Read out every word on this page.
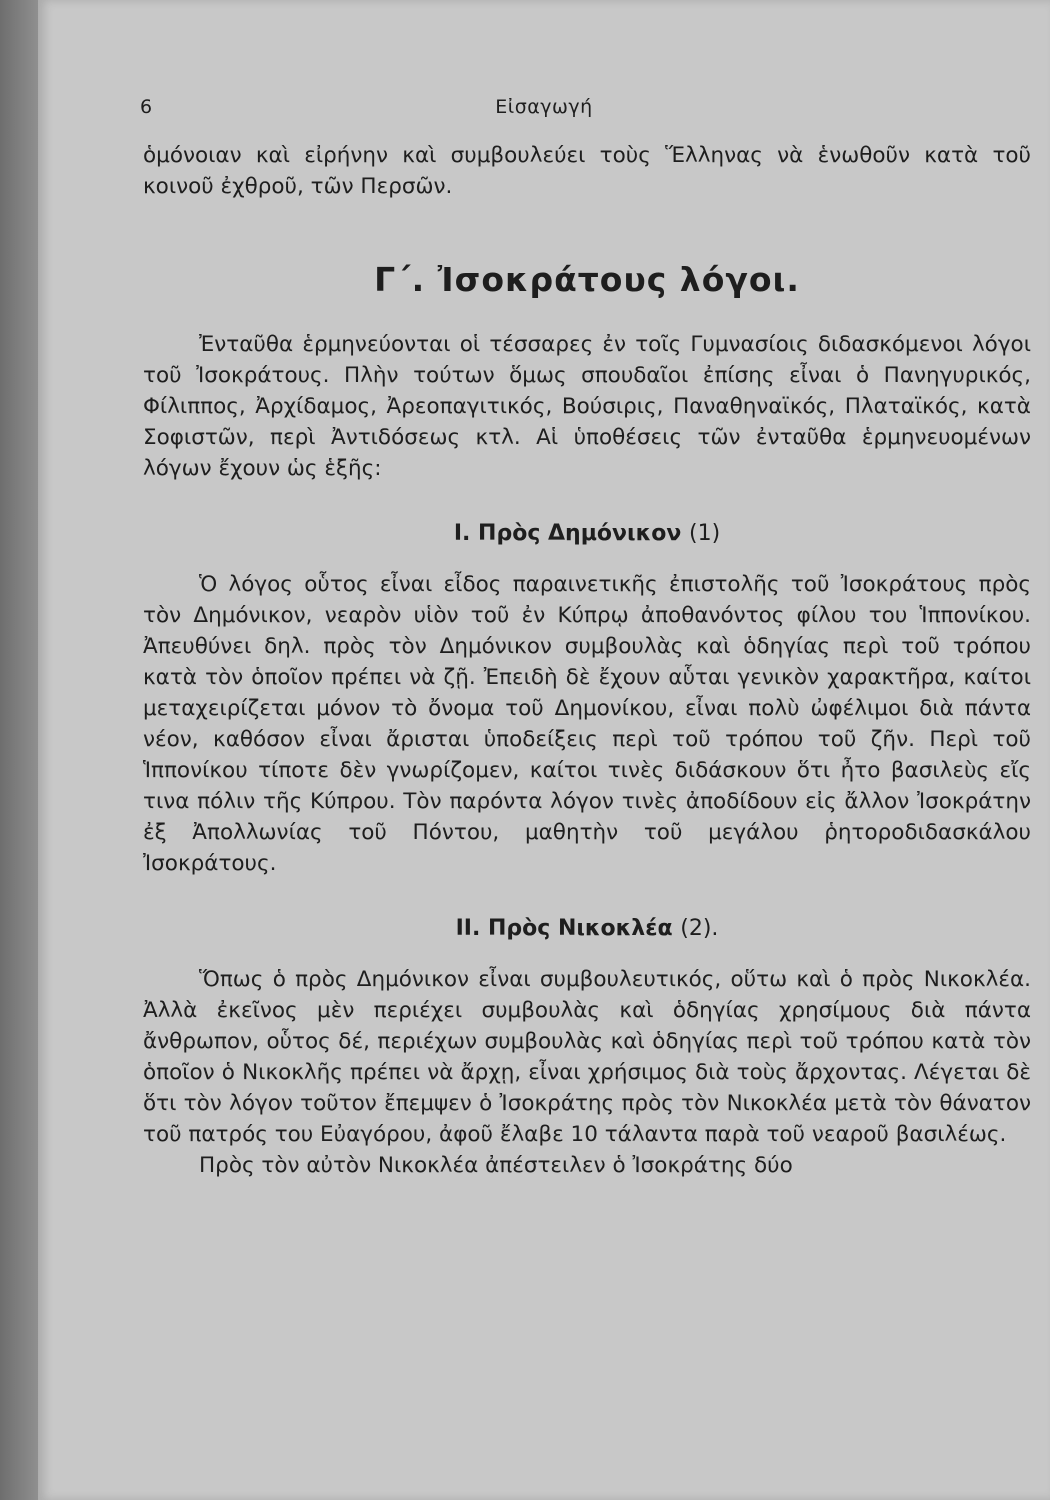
6	Εἰσαγωγή

ὁμόνοιαν καὶ εἰρήνην καὶ συμβουλεύει τοὺς Ἕλληνας νὰ ἑνωθοῦν κατὰ τοῦ κοινοῦ ἐχθροῦ, τῶν Περσῶν.

Γ΄. Ἰσοκράτους λόγοι.

Ἐνταῦθα ἑρμηνεύονται οἱ τέσσαρες ἐν τοῖς Γυμνασίοις διδασκόμενοι λόγοι τοῦ Ἰσοκράτους. Πλὴν τούτων ὅμως σπουδαῖοι ἐπίσης εἶναι ὁ Πανηγυρικός, Φίλιππος, Ἀρχίδαμος, Ἀρεοπαγιτικός, Βούσιρις, Παναθηναϊκός, Πλαταϊκός, κατὰ Σοφιστῶν, περὶ Ἀντιδόσεως κτλ. Αἱ ὑποθέσεις τῶν ἐνταῦθα ἑρμηνευομένων λόγων ἔχουν ὡς ἑξῆς:

Ι. Πρὸς Δημόνικον (1)

Ὁ λόγος οὗτος εἶναι εἶδος παραινετικῆς ἐπιστολῆς τοῦ Ἰσοκράτους πρὸς τὸν Δημόνικον, νεαρὸν υἱὸν τοῦ ἐν Κύπρῳ ἀποθανόντος φίλου του Ἱππονίκου. Ἀπευθύνει δηλ. πρὸς τὸν Δημόνικον συμβουλὰς καὶ ὁδηγίας περὶ τοῦ τρόπου κατὰ τὸν ὁποῖον πρέπει νὰ ζῇ. Ἐπειδὴ δὲ ἔχουν αὗται γενικὸν χαρακτῆρα, καίτοι μεταχειρίζεται μόνον τὸ ὄνομα τοῦ Δημονίκου, εἶναι πολὺ ὠφέλιμοι διὰ πάντα νέον, καθόσον εἶναι ἄρισται ὑποδείξεις περὶ τοῦ τρόπου τοῦ ζῆν. Περὶ τοῦ Ἱππονίκου τίποτε δὲν γνωρίζομεν, καίτοι τινὲς διδάσκουν ὅτι ἦτο βασιλεὺς εἴς τινα πόλιν τῆς Κύπρου. Τὸν παρόντα λόγον τινὲς ἀποδίδουν εἰς ἄλλον Ἰσοκράτην ἐξ Ἀπολλωνίας τοῦ Πόντου, μαθητὴν τοῦ μεγάλου ῥητοροδιδασκάλου Ἰσοκράτους.

ΙΙ. Πρὸς Νικοκλέα (2).

Ὅπως ὁ πρὸς Δημόνικον εἶναι συμβουλευτικός, οὕτω καὶ ὁ πρὸς Νικοκλέα. Ἀλλὰ ἐκεῖνος μὲν περιέχει συμβουλὰς καὶ ὁδηγίας χρησίμους διὰ πάντα ἄνθρωπον, οὗτος δέ, περιέχων συμβουλὰς καὶ ὁδηγίας περὶ τοῦ τρόπου κατὰ τὸν ὁποῖον ὁ Νικοκλῆς πρέπει νὰ ἄρχῃ, εἶναι χρήσιμος διὰ τοὺς ἄρχοντας. Λέγεται δὲ ὅτι τὸν λόγον τοῦτον ἔπεμψεν ὁ Ἰσοκράτης πρὸς τὸν Νικοκλέα μετὰ τὸν θάνατον τοῦ πατρός του Εὐαγόρου, ἀφοῦ ἔλαβε 10 τάλαντα παρὰ τοῦ νεαροῦ βασιλέως.

Πρὸς τὸν αὐτὸν Νικοκλέα ἀπέστειλεν ὁ Ἰσοκράτης δύο
